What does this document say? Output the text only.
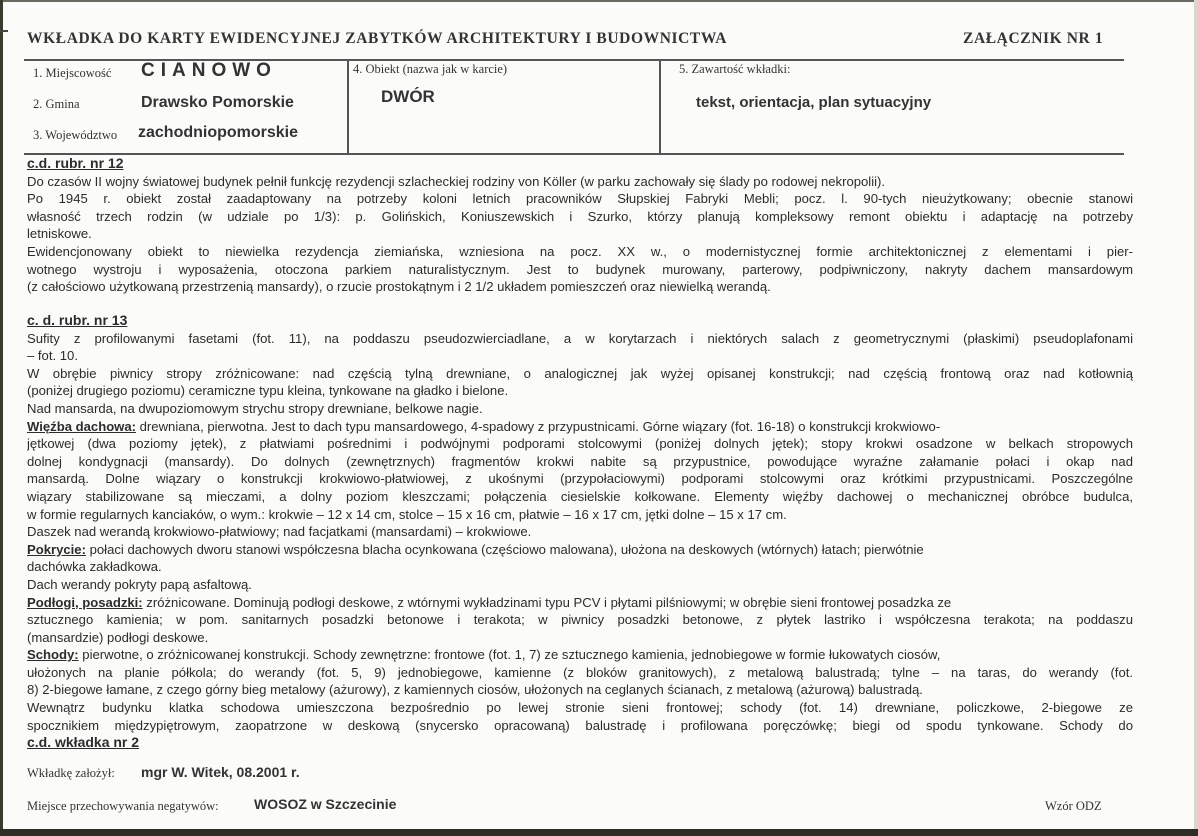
WKŁADKA DO KARTY EWIDENCYJNEJ ZABYTKÓW ARCHITEKTURY I BUDOWNICTWA	ZAŁĄCZNIK NR 1
1. Miejscowość CIANOWO
2. Gmina	Drawsko Pomorskie
3. Województwo zachodniopomorskie
4. Obiekt (nazwa jak w karcie)
DWÓR
5. Zawartość wkładki:
tekst, orientacja, plan sytuacyjny
c.d. rubr. nr 12
Do czasów II wojny światowej budynek pełnił funkcję rezydencji szlacheckiej rodziny von Köller (w parku zachowały się ślady po rodowej nekropolii).
Po 1945 r. obiekt został zaadaptowany na potrzeby koloni letnich pracowników Słupskiej Fabryki Mebli; pocz. l. 90-tych nieużytkowany; obecnie stanowi
własność trzech rodzin (w udziale po 1/3): p. Golińskich, Koniuszewskich i Szurko, którzy planują kompleksowy remont obiektu i adaptację na potrzeby
letniskowe.
Ewidencjonowany obiekt to niewielka rezydencja ziemiańska, wzniesiona na pocz. XX w., o modernistycznej formie architektonicznej z elementami i pier-
wotnego wystroju i wyposażenia, otoczona parkiem naturalistycznym. Jest to budynek murowany, parterowy, podpiwniczony, nakryty dachem mansardowym
(z całościowo użytkowaną przestrzenią mansardy), o rzucie prostokątnym i 2 1/2 układem pomieszczeń oraz niewielką werandą.
c. d. rubr. nr 13
Sufity z profilowanymi fasetami (fot. 11), na poddaszu pseudozwierciadlane, a w korytarzach i niektórych salach z geometrycznymi (płaskimi) pseudoplafonami
– fot. 10.
W obrębie piwnicy stropy zróżnicowane: nad częścią tylną drewniane, o analogicznej jak wyżej opisanej konstrukcji; nad częścią frontową oraz nad kotłownią
(poniżej drugiego poziomu) ceramiczne typu kleina, tynkowane na gładko i bielone.
Nad mansarda, na dwupoziomowym strychu stropy drewniane, belkowe nagie.
Więźba dachowa: drewniana, pierwotna. Jest to dach typu mansardowego, 4-spadowy z przypustnicami. Górne wiązary (fot. 16-18) o konstrukcji krokwiowo-
jętkowej (dwa poziomy jętek), z płatwiami pośrednimi i podwójnymi podporami stolcowymi (poniżej dolnych jętek); stopy krokwi osadzone w belkach stropowych
dolnej kondygnacji (mansardy). Do dolnych (zewnętrznych) fragmentów krokwi nabite są przypustnice, powodujące wyraźne załamanie połaci i okap nad
mansardą. Dolne wiązary o konstrukcji krokwiowo-płatwiowej, z ukośnymi (przypołaciowymi) podporami stolcowymi oraz krótkimi przypustnicami. Poszczególne
wiązary stabilizowane są mieczami, a dolny poziom kleszczami; połączenia ciesielskie kołkowane. Elementy więźby dachowej o mechanicznej obróbce budulca,
w formie regularnych kanciaków, o wym.: krokwie – 12 x 14 cm, stolce – 15 x 16 cm, płatwie – 16 x 17 cm, jętki dolne – 15 x 17 cm.
Daszek nad werandą krokwiowo-płatwiowy; nad facjatkami (mansardami) – krokwiowe.
Pokrycie: połaci dachowych dworu stanowi współczesna blacha ocynkowana (częściowo malowana), ułożona na deskowych (wtórnych) łatach; pierwótnie
dachówka zakładkowa.
Dach werandy pokryty papą asfaltową.
Podłogi, posadzki: zróżnicowane. Dominują podłogi deskowe, z wtórnymi wykładzinami typu PCV i płytami pilśniowymi; w obrębie sieni frontowej posadzka ze
sztucznego kamienia; w pom. sanitarnych posadzki betonowe i terakota; w piwnicy posadzki betonowe, z płytek lastriko i współczesna terakota; na poddaszu
(mansardzie) podłogi deskowe.
Schody: pierwotne, o zróżnicowanej konstrukcji. Schody zewnętrzne: frontowe (fot. 1, 7) ze sztucznego kamienia, jednobiegowe w formie łukowatych ciosów,
ułożonych na planie półkola; do werandy (fot. 5, 9) jednobiegowe, kamienne (z bloków granitowych), z metalową balustradą; tylne – na taras, do werandy (fot.
8) 2-biegowe łamane, z czego górny bieg metalowy (ażurowy), z kamiennych ciosów, ułożonych na ceglanych ścianach, z metalową (ażurową) balustradą.
Wewnątrz budynku klatka schodowa umieszczona bezpośrednio po lewej stronie sieni frontowej; schody (fot. 14) drewniane, policzkowe, 2-biegowe ze
spocznikiem międzypiętrowym, zaopatrzone w deskową (snycersko opracowaną) balustradę i profilowana poręczówkę; biegi od spodu tynkowane. Schody do
c.d. wkładka nr 2
Wkładkę założył: mgr W. Witek, 08.2001 r.
Miejsce przechowywania negatywów:	WOSOZ w Szczecinie	Wzór ODZ
